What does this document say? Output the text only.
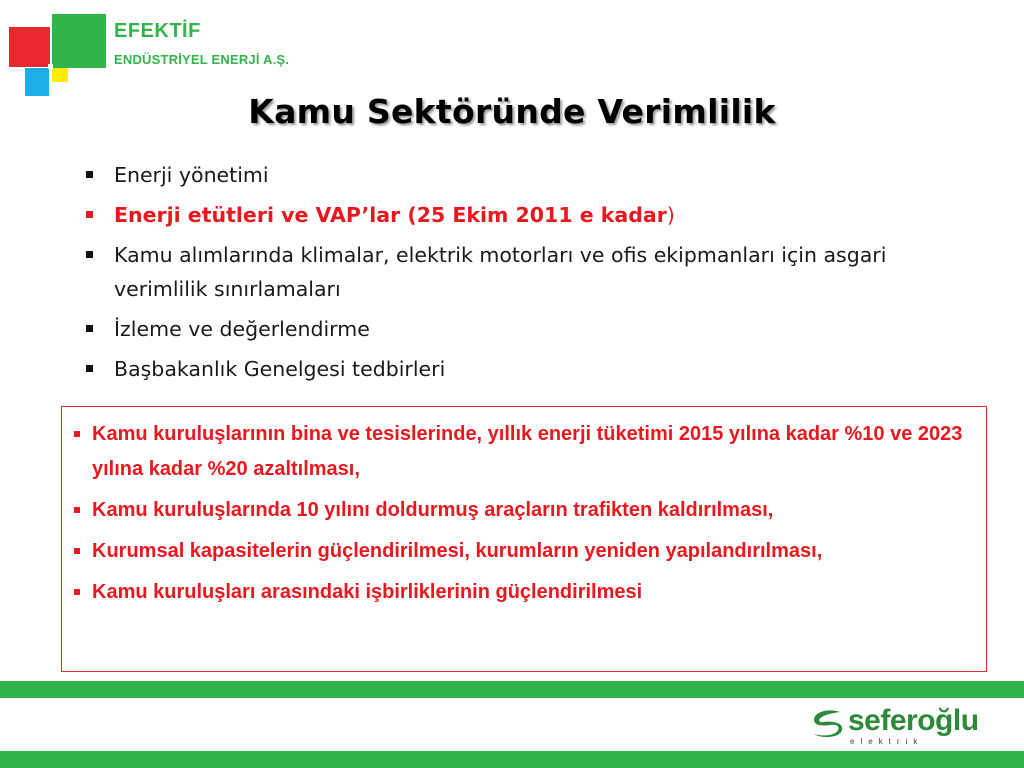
EFEKTİF
ENDÜSTRİYEL ENERJİ A.Ş.
Kamu Sektöründe Verimlilik
Enerji yönetimi
Enerji etütleri ve VAP’lar (25 Ekim 2011 e kadar)
Kamu alımlarında klimalar, elektrik motorları ve ofis ekipmanları için asgari verimlilik sınırlamaları
İzleme ve değerlendirme
Başbakanlık Genelgesi tedbirleri
Kamu kuruluşlarının bina ve tesislerinde, yıllık enerji tüketimi 2015 yılına kadar %10 ve 2023 yılına kadar %20 azaltılması,
Kamu kuruluşlarında 10 yılını doldurmuş araçların trafikten kaldırılması,
Kurumsal kapasitelerin güçlendirilmesi, kurumların yeniden yapılandırılması,
Kamu kuruluşları arasındaki işbirliklerinin güçlendirilmesi
seferoğlu
elektrik
